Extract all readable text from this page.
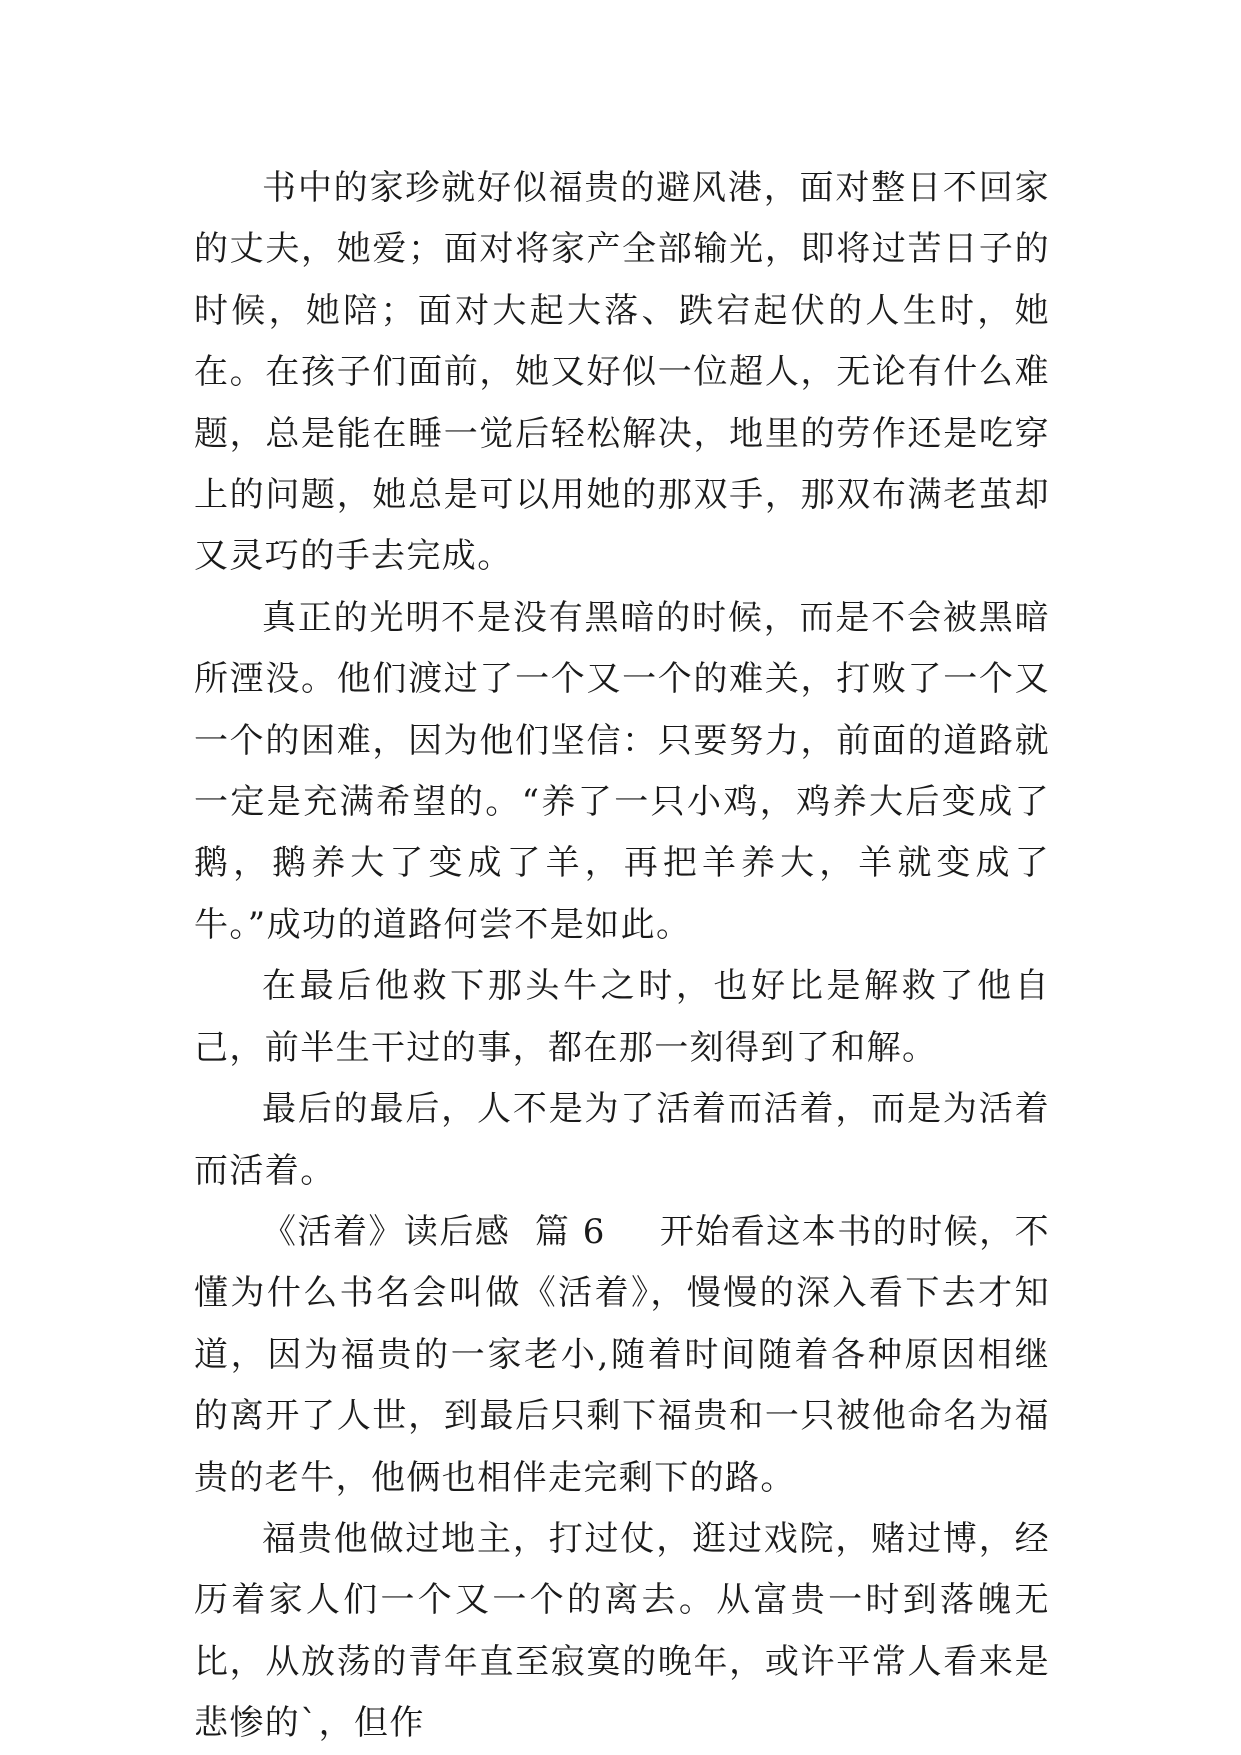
书中的家珍就好似福贵的避风港，面对整日不回家的丈夫，她爱；面对将家产全部输光，即将过苦日子的时候，她陪；面对大起大落、跌宕起伏的人生时，她在。在孩子们面前，她又好似一位超人，无论有什么难题，总是能在睡一觉后轻松解决，地里的劳作还是吃穿上的问题，她总是可以用她的那双手，那双布满老茧却又灵巧的手去完成。

真正的光明不是没有黑暗的时候，而是不会被黑暗所湮没。他们渡过了一个又一个的难关，打败了一个又一个的困难，因为他们坚信：只要努力，前面的道路就一定是充满希望的。“养了一只小鸡，鸡养大后变成了鹅，鹅养大了变成了羊，再把羊养大，羊就变成了牛。”成功的道路何尝不是如此。

在最后他救下那头牛之时，也好比是解救了他自己，前半生干过的事，都在那一刻得到了和解。

最后的最后，人不是为了活着而活着，而是为活着而活着。

《活着》读后感  篇 6 开始看这本书的时候，不懂为什么书名会叫做《活着》，慢慢的深入看下去才知道，因为福贵的一家老小,随着时间随着各种原因相继的离开了人世，到最后只剩下福贵和一只被他命名为福贵的老牛，他俩也相伴走完剩下的路。

福贵他做过地主，打过仗，逛过戏院，赌过博，经历着家人们一个又一个的离去。从富贵一时到落魄无比，从放荡的青年直至寂寞的晚年，或许平常人看来是悲惨的`，但作
